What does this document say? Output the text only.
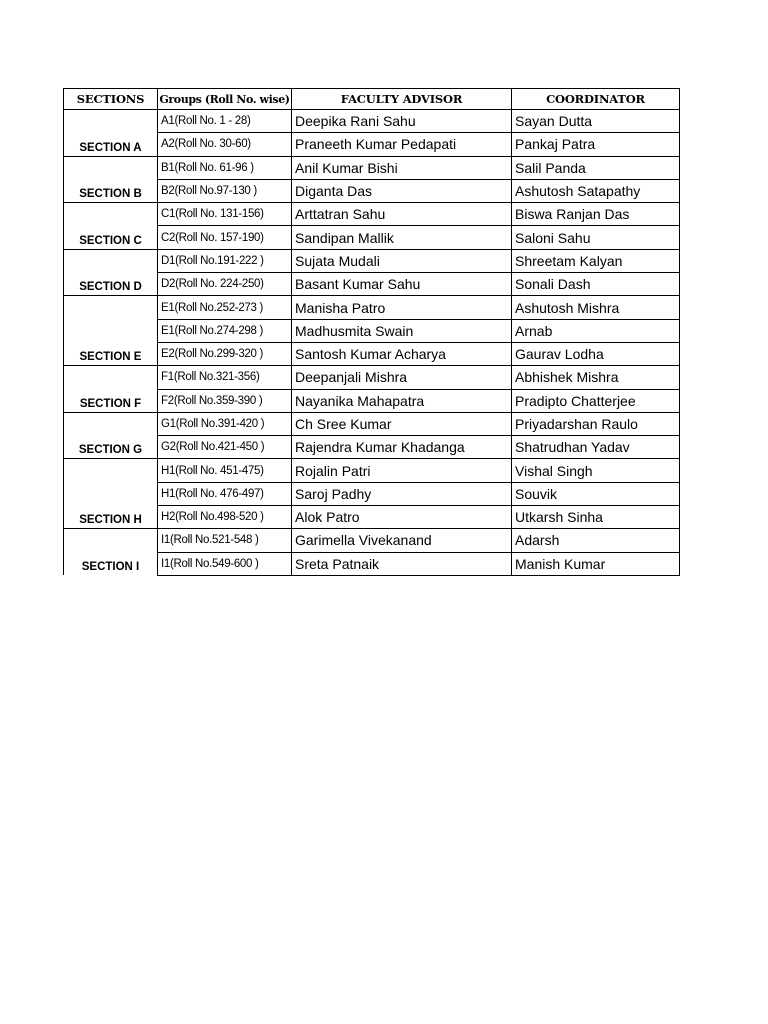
SECTIONS	Groups (Roll No. wise)	FACULTY ADVISOR	COORDINATOR
SECTION A	A1(Roll No. 1 - 28)	Deepika Rani Sahu	Sayan Dutta
	A2(Roll No. 30-60)	Praneeth Kumar Pedapati	Pankaj Patra
SECTION B	B1(Roll No. 61-96 )	Anil Kumar Bishi	Salil Panda
	B2(Roll No.97-130 )	Diganta Das	Ashutosh Satapathy
SECTION C	C1(Roll No. 131-156)	Arttatran Sahu	Biswa Ranjan Das
	C2(Roll No. 157-190)	Sandipan Mallik	Saloni Sahu
SECTION D	D1(Roll No.191-222 )	Sujata Mudali	Shreetam Kalyan
	D2(Roll No. 224-250)	Basant Kumar Sahu	Sonali Dash
SECTION E	E1(Roll No.252-273 )	Manisha Patro	Ashutosh Mishra
	E1(Roll No.274-298 )	Madhusmita Swain	Arnab
	E2(Roll No.299-320 )	Santosh Kumar Acharya	Gaurav Lodha
SECTION F	F1(Roll No.321-356)	Deepanjali Mishra	Abhishek Mishra
	F2(Roll No.359-390 )	Nayanika Mahapatra	Pradipto Chatterjee
SECTION G	G1(Roll No.391-420 )	Ch Sree Kumar	Priyadarshan Raulo
	G2(Roll No.421-450 )	Rajendra Kumar Khadanga	Shatrudhan Yadav
SECTION H	H1(Roll No. 451-475)	Rojalin Patri	Vishal Singh
	H1(Roll No. 476-497)	Saroj Padhy	Souvik
	H2(Roll No.498-520 )	Alok Patro	Utkarsh Sinha
SECTION I	I1(Roll No.521-548 )	Garimella Vivekanand	Adarsh
	I1(Roll No.549-600 )	Sreta Patnaik	Manish Kumar
